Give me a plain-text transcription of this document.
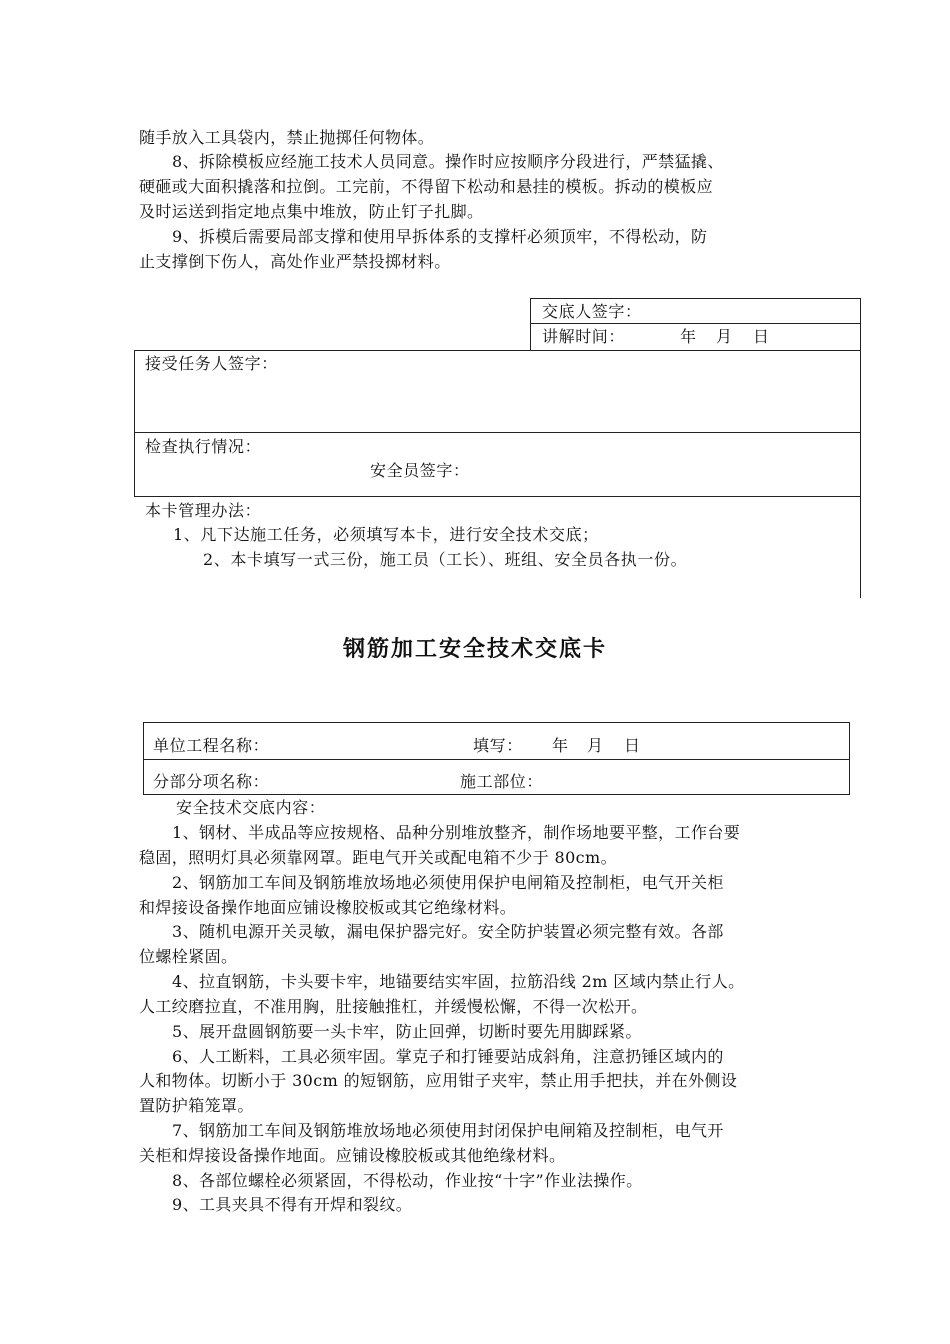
随手放入工具袋内，禁止抛掷任何物体。
8、拆除模板应经施工技术人员同意。操作时应按顺序分段进行，严禁猛撬、
硬砸或大面积撬落和拉倒。工完前，不得留下松动和悬挂的模板。拆动的模板应
及时运送到指定地点集中堆放，防止钉子扎脚。
9、拆模后需要局部支撑和使用早拆体系的支撑杆必须顶牢，不得松动，防
止支撑倒下伤人，高处作业严禁投掷材料。
交底人签字：
讲解时间：	年 月 日
接受任务人签字：
检查执行情况：
安全员签字：
本卡管理办法：
1、凡下达施工任务，必须填写本卡，进行安全技术交底；
2、本卡填写一式三份，施工员（工长）、班组、安全员各执一份。
钢筋加工安全技术交底卡
单位工程名称：	填写： 年 月 日
分部分项名称：	施工部位：
安全技术交底内容：
1、钢材、半成品等应按规格、品种分别堆放整齐，制作场地要平整，工作台要
稳固，照明灯具必须靠网罩。距电气开关或配电箱不少于 80cm。
2、钢筋加工车间及钢筋堆放场地必须使用保护电闸箱及控制柜，电气开关柜
和焊接设备操作地面应铺设橡胶板或其它绝缘材料。
3、随机电源开关灵敏，漏电保护器完好。安全防护装置必须完整有效。各部
位螺栓紧固。
4、拉直钢筋，卡头要卡牢，地锚要结实牢固，拉筋沿线 2m 区域内禁止行人。
人工绞磨拉直，不准用胸，肚接触推杠，并缓慢松懈，不得一次松开。
5、展开盘圆钢筋要一头卡牢，防止回弹，切断时要先用脚踩紧。
6、人工断料，工具必须牢固。掌克子和打锤要站成斜角，注意扔锤区域内的
人和物体。切断小于 30cm 的短钢筋，应用钳子夹牢，禁止用手把扶，并在外侧设
置防护箱笼罩。
7、钢筋加工车间及钢筋堆放场地必须使用封闭保护电闸箱及控制柜，电气开
关柜和焊接设备操作地面。应铺设橡胶板或其他绝缘材料。
8、各部位螺栓必须紧固，不得松动，作业按“十字”作业法操作。
9、工具夹具不得有开焊和裂纹。
